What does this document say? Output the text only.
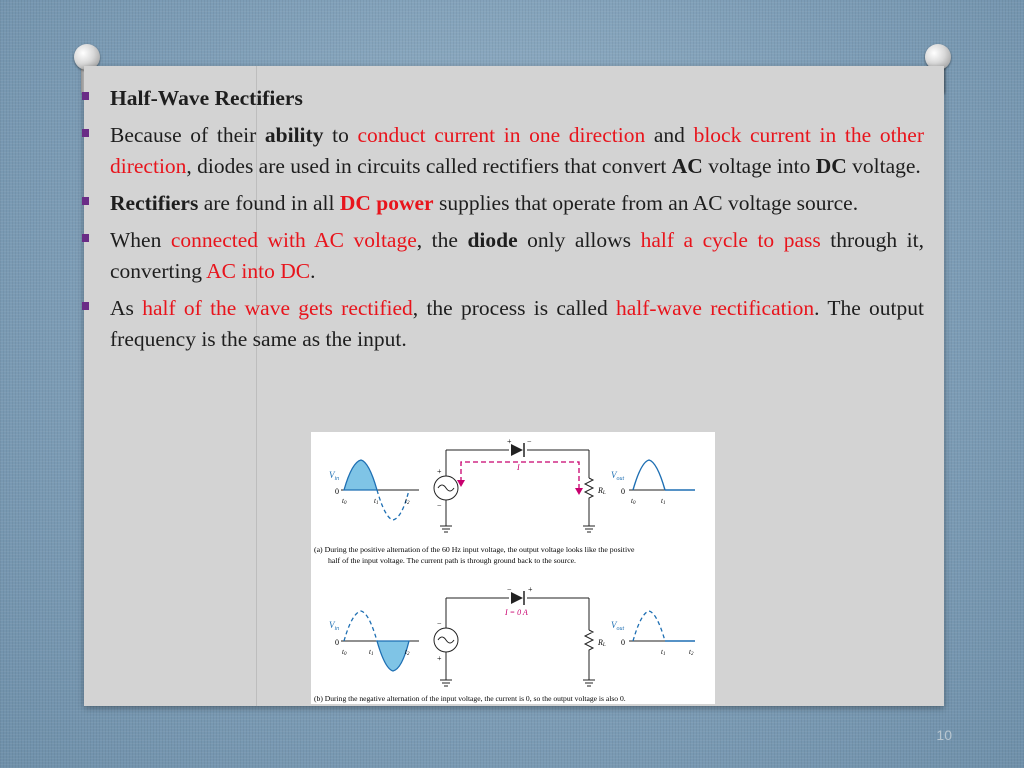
Half-Wave Rectifiers
Because of their ability to conduct current in one direction and block current in the other direction, diodes are used in circuits called rectifiers that convert AC voltage into DC voltage.
Rectifiers are found in all DC power supplies that operate from an AC voltage source.
When connected with AC voltage, the diode only allows half a cycle to pass through it, converting AC into DC.
As half of the wave gets rectified, the process is called half-wave rectification. The output frequency is the same as the input.
$V_{in}$
0
t0	t1	t2
I
+ −
+
−
RL
$V_{out}$
0
t0	t1
(a) During the positive alternation of the 60 Hz input voltage, the output voltage looks like the positive
half of the input voltage. The current path is through ground back to the source.
$V_{in}$
0
t0	t1	t2
I = 0 A
− +
−
+
RL
$V_{out}$
0
t1	t2
(b) During the negative alternation of the input voltage, the current is 0, so the output voltage is also 0.
10
